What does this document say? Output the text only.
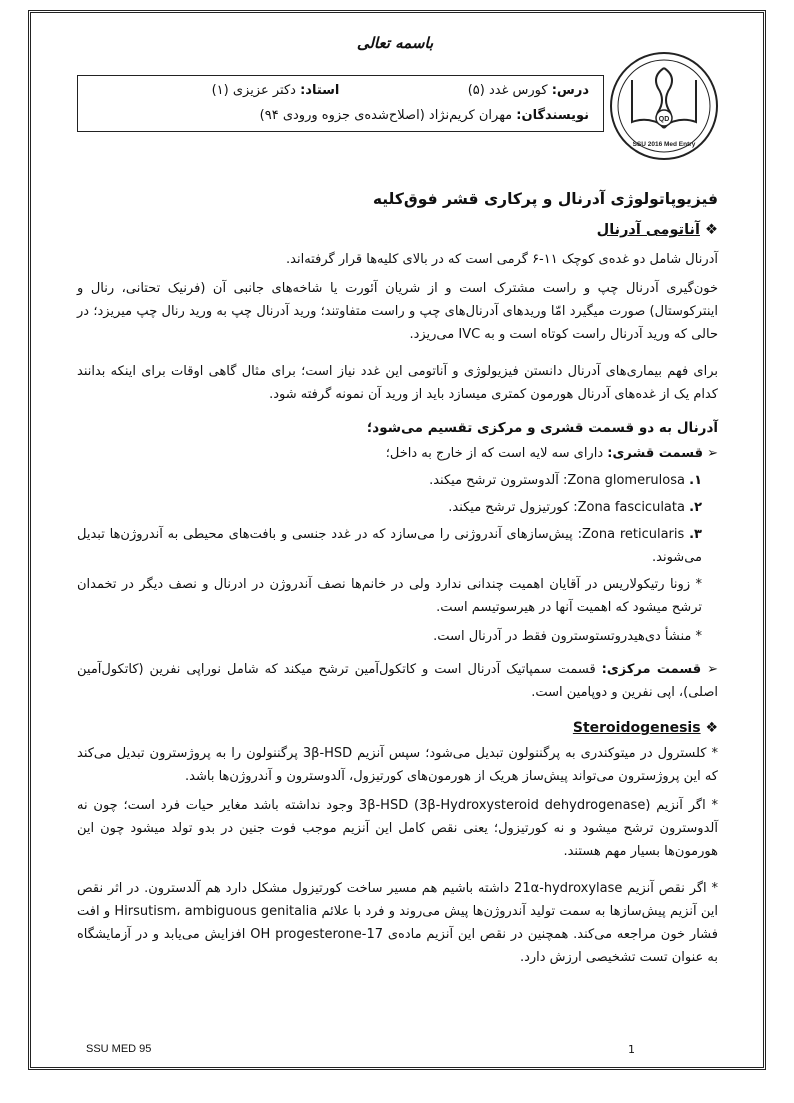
باسمه تعالی
QD
SSU 2016 Med Entry
درس: کورس غدد (۵)  استاد: دکتر عزیزی (۱)
نویسندگان: مهران کریم‌نژاد (اصلاح‌شده‌ی جزوه ورودی ۹۴)
فیزیوپاتولوژی آدرنال و پرکاری قشر فوق‌کلیه
❖ آناتومی آدرنال
آدرنال شامل دو غده‌ی کوچک ۱۱-۶ گرمی است که در بالای کلیه‌ها قرار گرفته‌اند.
خون‌گیری آدرنال چپ و راست مشترک است و از شریان آئورت یا شاخه‌های جانبی آن (فرنیک تحتانی، رنال و اینترکوستال) صورت میگیرد امّا وریدهای آدرنال‌های چپ و راست متفاوتند؛ ورید آدرنال چپ به ورید رنال چپ میریزد؛ در حالی که ورید آدرنال راست کوتاه است و به IVC می‌ریزد.
برای فهم بیماری‌های آدرنال دانستن فیزیولوژی و آناتومی این غدد نیاز است؛ برای مثال گاهی اوقات برای اینکه بدانند کدام یک از غده‌های آدرنال هورمون کمتری میسازد باید از ورید آن نمونه گرفته شود.
آدرنال به دو قسمت قشری و مرکزی تقسیم می‌شود؛
➢ قسمت قشری: دارای سه لایه است که از خارج به داخل؛
۱. Zona glomerulosa: آلدوسترون ترشح میکند.
۲. Zona fasciculata: کورتیزول ترشح میکند.
۳. Zona reticularis: پیش‌سازهای آندروژنی را می‌سازد که در غدد جنسی و بافت‌های محیطی به آندروژن‌ها تبدیل می‌شوند.
* زونا رتیکولاریس در آقایان اهمیت چندانی ندارد ولی در خانم‌ها نصف آندروژن در ادرنال و نصف دیگر در تخمدان ترشح میشود که اهمیت آنها در هیرسوتیسم است.
* منشأ دی‌هیدروتستوسترون فقط در آدرنال است.
➢ قسمت مرکزی: قسمت سمپاتیک آدرنال است و کاتکول‌آمین ترشح میکند که شامل نوراپی نفرین (کاتکول‌آمین اصلی)، اپی نفرین و دوپامین است.
❖ Steroidogenesis
* کلسترول در میتوکندری به پرگننولون تبدیل می‌شود؛ سپس آنزیم 3β-HSD پرگننولون را به پروژسترون تبدیل می‌کند که این پروژسترون می‌تواند پیش‌ساز هریک از هورمون‌های کورتیزول، آلدوسترون و آندروژن‌ها باشد.
* اگر آنزیم 3β-HSD (3β-Hydroxysteroid dehydrogenase) وجود نداشته باشد مغایر حیات فرد است؛ چون نه آلدوسترون ترشح میشود و نه کورتیزول؛ یعنی نقص کامل این آنزیم موجب فوت جنین در بدو تولد میشود چون این هورمون‌ها بسیار مهم هستند.
* اگر نقص آنزیم 21α-hydroxylase داشته باشیم هم مسیر ساخت کورتیزول مشکل دارد هم آلدسترون. در اثر نقص این آنزیم پیش‌سازها به سمت تولید آندروژن‌ها پیش می‌روند و فرد با علائم Hirsutism، ambiguous genitalia و افت فشار خون مراجعه می‌کند. همچنین در نقص این آنزیم ماده‌ی 17-OH progesterone افزایش می‌یابد و در آزمایشگاه به عنوان تست تشخیصی ارزش دارد.
SSU MED 95	1
